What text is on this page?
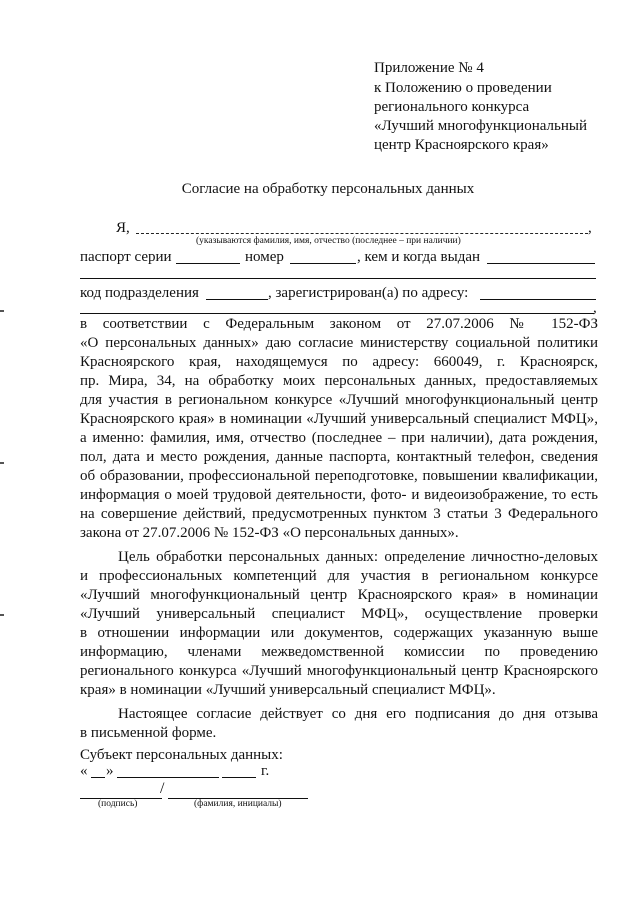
Приложение № 4
к Положению о проведении
регионального конкурса
«Лучший многофункциональный
центр Красноярского края»
Согласие на обработку персональных данных
Я,	,
(указываются фамилия, имя, отчество (последнее – при наличии)
паспорт серии	номер	, кем и когда выдан
код подразделения	, зарегистрирован(а) по адресу:
,
в соответствии с Федеральным законом от 27.07.2006 № 152-ФЗ
«О персональных данных» даю согласие министерству социальной политики
Красноярского края, находящемуся по адресу: 660049, г. Красноярск,
пр. Мира, 34, на обработку моих персональных данных, предоставляемых
для участия в региональном конкурсе «Лучший многофункциональный центр
Красноярского края» в номинации «Лучший универсальный специалист МФЦ»,
а именно: фамилия, имя, отчество (последнее – при наличии), дата рождения,
пол, дата и место рождения, данные паспорта, контактный телефон, сведения
об образовании, профессиональной переподготовке, повышении квалификации,
информация о моей трудовой деятельности, фото- и видеоизображение, то есть
на совершение действий, предусмотренных пунктом 3 статьи 3 Федерального
закона от 27.07.2006 № 152-ФЗ «О персональных данных».
Цель обработки персональных данных: определение личностно-деловых
и профессиональных компетенций для участия в региональном конкурсе
«Лучший многофункциональный центр Красноярского края» в номинации
«Лучший универсальный специалист МФЦ», осуществление проверки
в отношении информации или документов, содержащих указанную выше
информацию, членами межведомственной комиссии по проведению
регионального конкурса «Лучший многофункциональный центр Красноярского
края» в номинации «Лучший универсальный специалист МФЦ».
Настоящее согласие действует со дня его подписания до дня отзыва
в письменной форме.
« »	г.
Субъект персональных данных:
/
(подпись)	(фамилия, инициалы)
